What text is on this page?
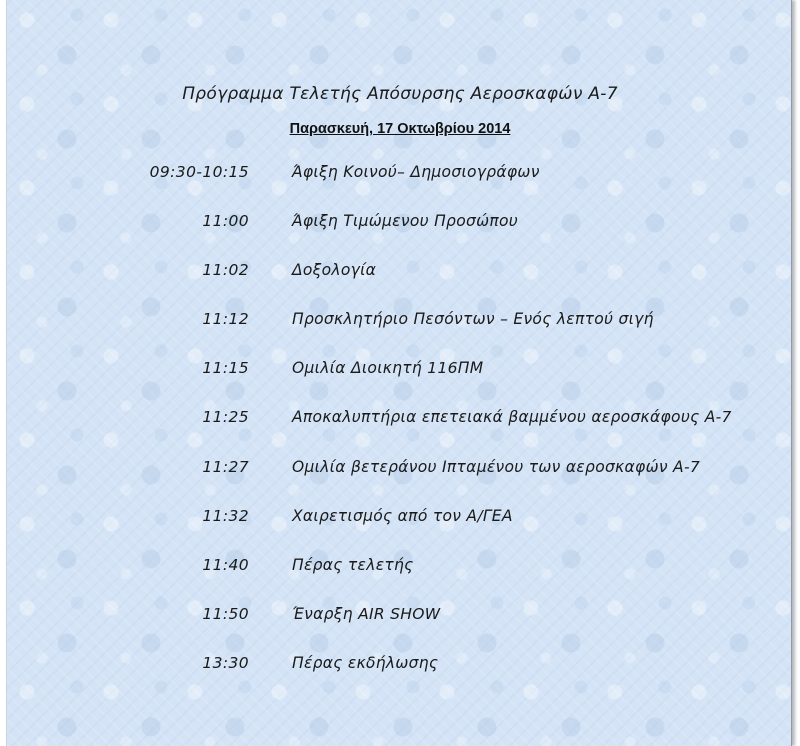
Πρόγραμμα Τελετής Απόσυρσης Αεροσκαφών Α-7
Παρασκευή, 17 Οκτωβρίου 2014
09:30-10:15	Άφιξη Κοινού– Δημοσιογράφων
11:00	Άφιξη Τιμώμενου Προσώπου
11:02	Δοξολογία
11:12	Προσκλητήριο Πεσόντων – Ενός λεπτού σιγή
11:15	Ομιλία Διοικητή 116ΠΜ
11:25	Αποκαλυπτήρια επετειακά βαμμένου αεροσκάφους Α-7
11:27	Ομιλία βετεράνου Ιπταμένου των αεροσκαφών Α-7
11:32	Χαιρετισμός από τον Α/ΓΕΑ
11:40	Πέρας τελετής
11:50	Έναρξη AIR SHOW
13:30	Πέρας εκδήλωσης
